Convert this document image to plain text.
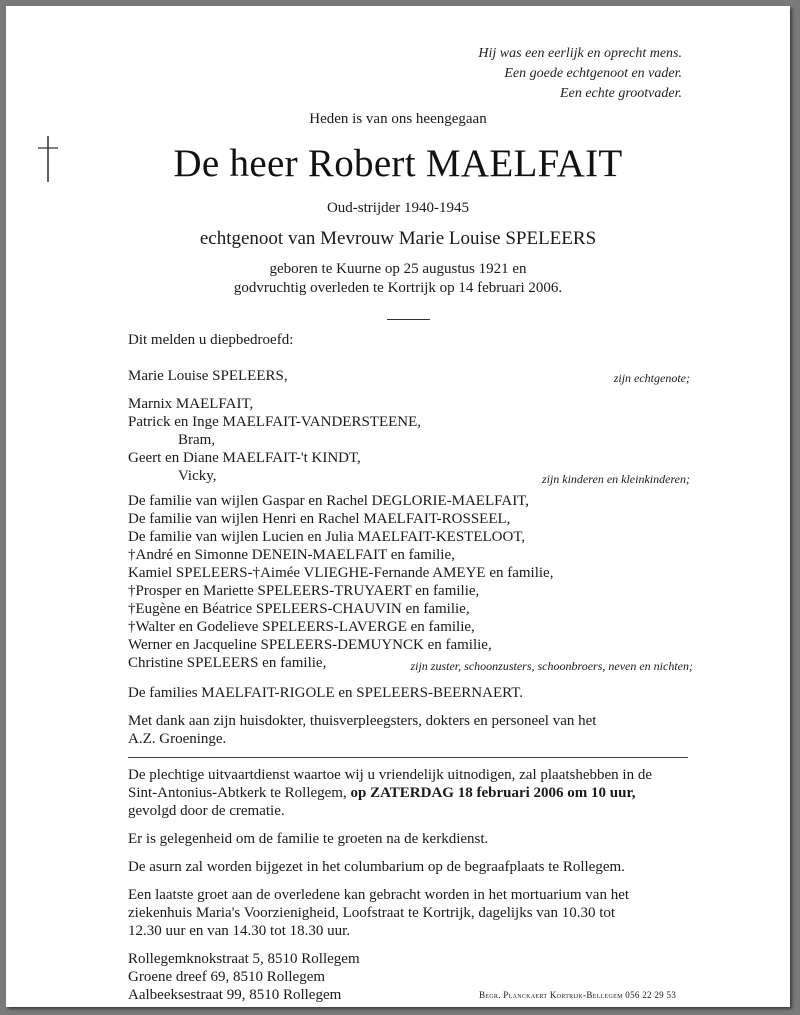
Hij was een eerlijk en oprecht mens.
Een goede echtgenoot en vader.
Een echte grootvader.
Heden is van ons heengegaan
De heer Robert MAELFAIT
Oud-strijder 1940-1945
echtgenoot van Mevrouw Marie Louise SPELEERS
geboren te Kuurne op 25 augustus 1921 en
godvruchtig overleden te Kortrijk op 14 februari 2006.
Dit melden u diepbedroefd:
Marie Louise SPELEERS,	zijn echtgenote;
Marnix MAELFAIT,
Patrick en Inge MAELFAIT-VANDERSTEENE,
Bram,
Geert en Diane MAELFAIT-'t KINDT,
Vicky,	zijn kinderen en kleinkinderen;
De familie van wijlen Gaspar en Rachel DEGLORIE-MAELFAIT,
De familie van wijlen Henri en Rachel MAELFAIT-ROSSEEL,
De familie van wijlen Lucien en Julia MAELFAIT-KESTELOOT,
†André en Simonne DENEIN-MAELFAIT en familie,
Kamiel SPELEERS-†Aimée VLIEGHE-Fernande AMEYE en familie,
†Prosper en Mariette SPELEERS-TRUYAERT en familie,
†Eugène en Béatrice SPELEERS-CHAUVIN en familie,
†Walter en Godelieve SPELEERS-LAVERGE en familie,
Werner en Jacqueline SPELEERS-DEMUYNCK en familie,
Christine SPELEERS en familie,	zijn zuster, schoonzusters, schoonbroers, neven en nichten;
De families MAELFAIT-RIGOLE en SPELEERS-BEERNAERT.
Met dank aan zijn huisdokter, thuisverpleegsters, dokters en personeel van het
A.Z. Groeninge.
De plechtige uitvaartdienst waartoe wij u vriendelijk uitnodigen, zal plaatshebben in de
Sint-Antonius-Abtkerk te Rollegem, op ZATERDAG 18 februari 2006 om 10 uur,
gevolgd door de crematie.
Er is gelegenheid om de familie te groeten na de kerkdienst.
De asurn zal worden bijgezet in het columbarium op de begraafplaats te Rollegem.
Een laatste groet aan de overledene kan gebracht worden in het mortuarium van het
ziekenhuis Maria's Voorzienigheid, Loofstraat te Kortrijk, dagelijks van 10.30 tot
12.30 uur en van 14.30 tot 18.30 uur.
Rollegemknokstraat 5, 8510 Rollegem
Groene dreef 69, 8510 Rollegem
Aalbeeksestraat 99, 8510 Rollegem	Begr. Planckaert Kortrijk-Bellegem 056 22 29 53
